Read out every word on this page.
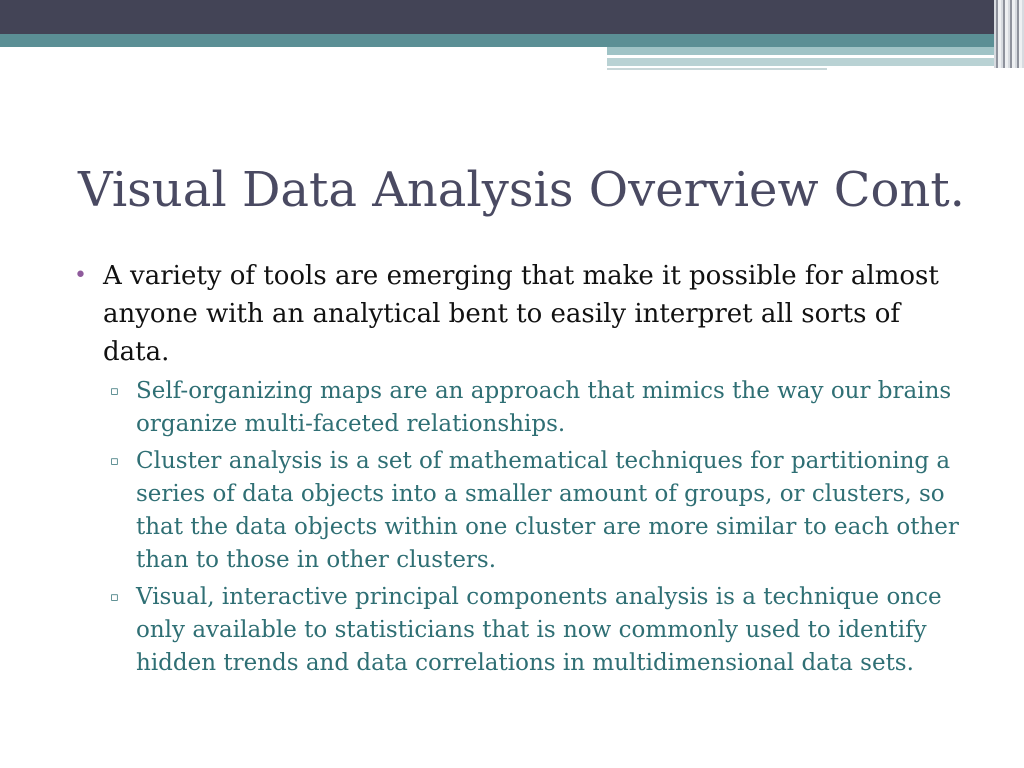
Visual Data Analysis Overview Cont.
• A variety of tools are emerging that make it possible for almost anyone with an analytical bent to easily interpret all sorts of data.
▫ Self-organizing maps are an approach that mimics the way our brains organize multi-faceted relationships.
▫ Cluster analysis is a set of mathematical techniques for partitioning a series of data objects into a smaller amount of groups, or clusters, so that the data objects within one cluster are more similar to each other than to those in other clusters.
▫ Visual, interactive principal components analysis is a technique once only available to statisticians that is now commonly used to identify hidden trends and data correlations in multidimensional data sets.
